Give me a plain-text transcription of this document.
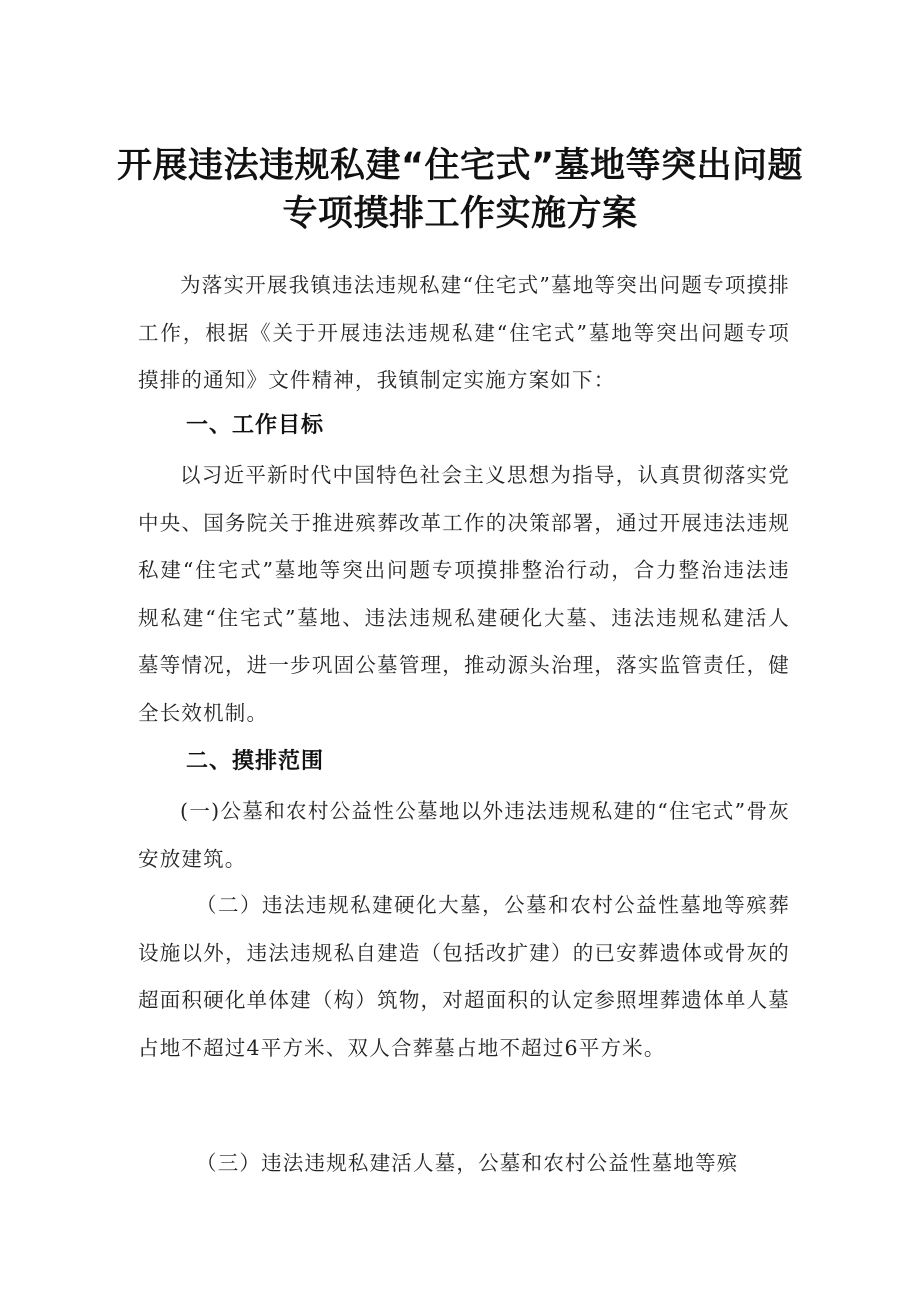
开展违法违规私建“住宅式”墓地等突出问题
专项摸排工作实施方案

为落实开展我镇违法违规私建“住宅式”墓地等突出问题专项摸排工作，根据《关于开展违法违规私建“住宅式”墓地等突出问题专项摸排的通知》文件精神，我镇制定实施方案如下：

一、工作目标

以习近平新时代中国特色社会主义思想为指导，认真贯彻落实党中央、国务院关于推进殡葬改革工作的决策部署，通过开展违法违规私建“住宅式”墓地等突出问题专项摸排整治行动，合力整治违法违规私建“住宅式”墓地、违法违规私建硬化大墓、违法违规私建活人墓等情况，进一步巩固公墓管理，推动源头治理，落实监管责任，健全长效机制。

二、摸排范围

(一)公墓和农村公益性公墓地以外违法违规私建的“住宅式”骨灰安放建筑。

（二）违法违规私建硬化大墓，公墓和农村公益性墓地等殡葬设施以外，违法违规私自建造（包括改扩建）的已安葬遗体或骨灰的超面积硬化单体建（构）筑物，对超面积的认定参照埋葬遗体单人墓占地不超过4平方米、双人合葬墓占地不超过6平方米。

（三）违法违规私建活人墓，公墓和农村公益性墓地等殡
